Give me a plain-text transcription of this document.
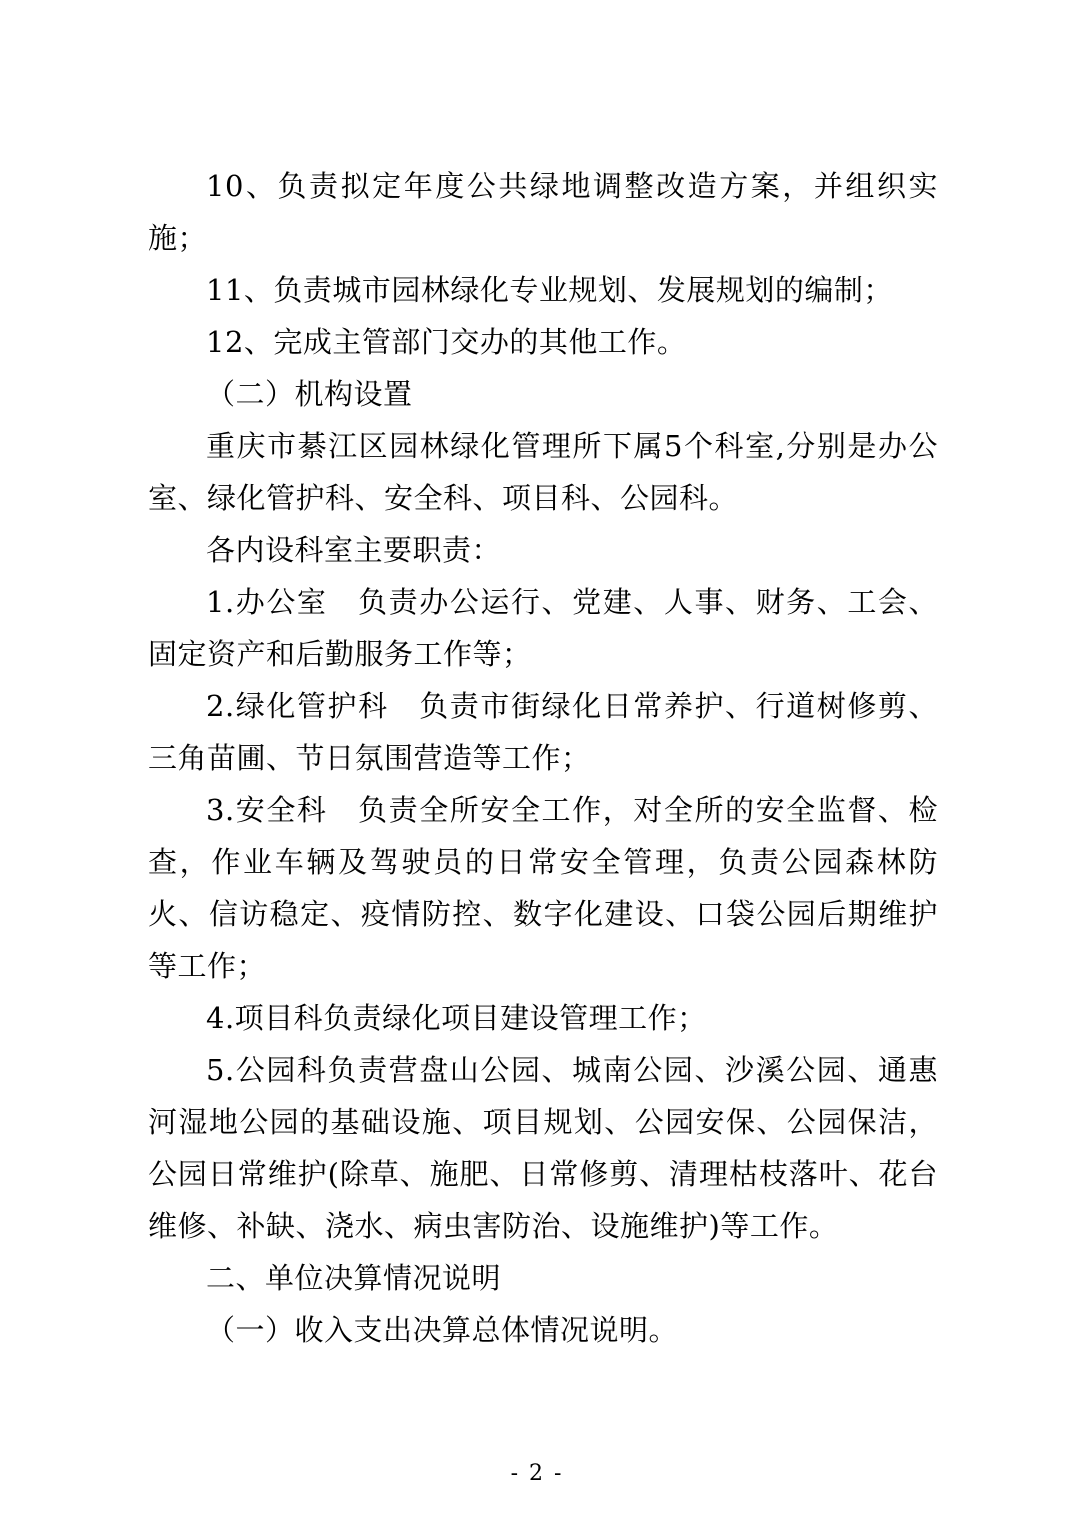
10、负责拟定年度公共绿地调整改造方案，并组织实施；

11、负责城市园林绿化专业规划、发展规划的编制；

12、完成主管部门交办的其他工作。

（二）机构设置

重庆市綦江区园林绿化管理所下属5个科室,分别是办公室、绿化管护科、安全科、项目科、公园科。

各内设科室主要职责：

1.办公室　负责办公运行、党建、人事、财务、工会、固定资产和后勤服务工作等；

2.绿化管护科　负责市街绿化日常养护、行道树修剪、三角苗圃、节日氛围营造等工作；

3.安全科　负责全所安全工作，对全所的安全监督、检查，作业车辆及驾驶员的日常安全管理，负责公园森林防火、信访稳定、疫情防控、数字化建设、口袋公园后期维护等工作；

4.项目科负责绿化项目建设管理工作；

5.公园科负责营盘山公园、城南公园、沙溪公园、通惠河湿地公园的基础设施、项目规划、公园安保、公园保洁，公园日常维护(除草、施肥、日常修剪、清理枯枝落叶、花台维修、补缺、浇水、病虫害防治、设施维护)等工作。

二、单位决算情况说明

（一）收入支出决算总体情况说明。

- 2 -
